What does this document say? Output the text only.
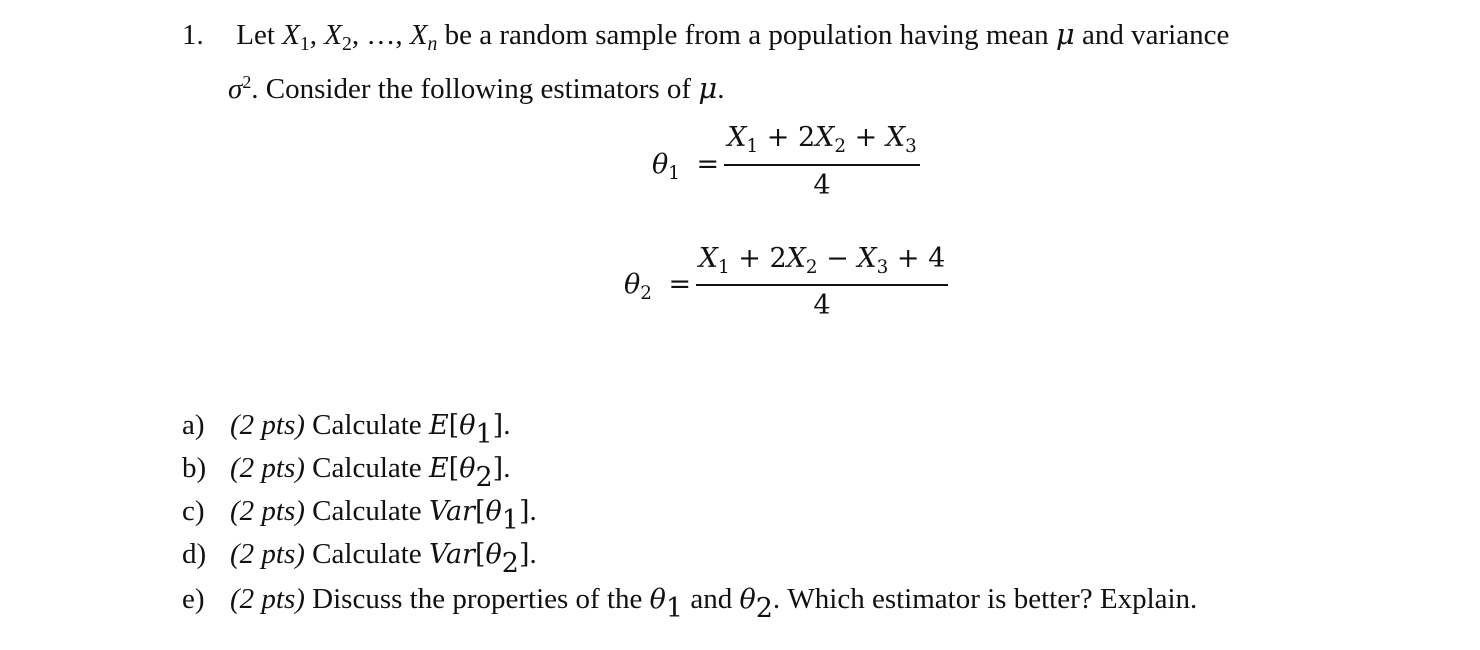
1. Let $X_1$, $X_2$, …, $X_n$ be a random sample from a population having mean μ and variance
$\sigma^2$. Consider the following estimators of μ.
$\theta_1$ =
$X_1 + 2X_2 + X_3$
4
$\theta_2$ =
$X_1 + 2X_2 - X_3 + 4$
4
a) (2 pts) Calculate E[θ1].
b) (2 pts) Calculate E[θ2].
c) (2 pts) Calculate Var[θ1].
d) (2 pts) Calculate Var[θ2].
e) (2 pts) Discuss the properties of the θ1 and θ2. Which estimator is better? Explain.
